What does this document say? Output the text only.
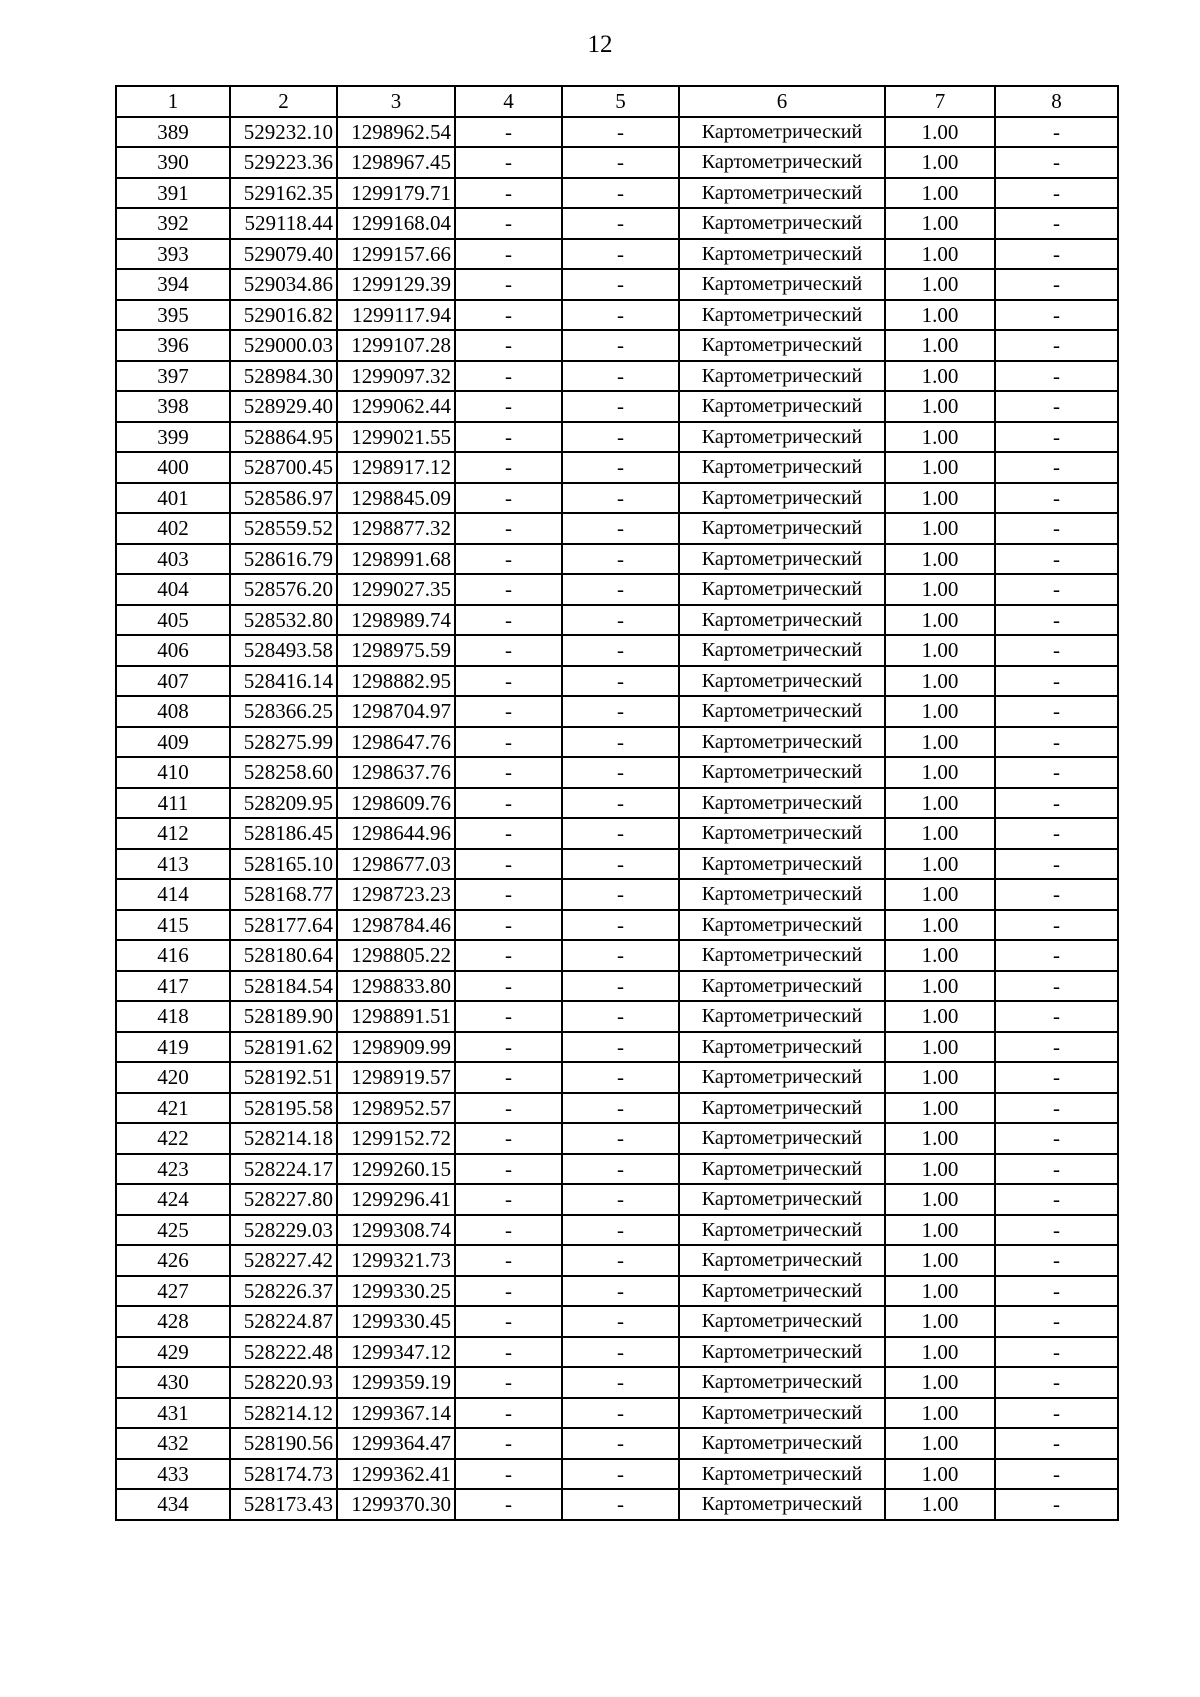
12
1	2	3	4	5	6	7	8
389	529232.10	1298962.54	-	-	Картометрический	1.00	-
390	529223.36	1298967.45	-	-	Картометрический	1.00	-
391	529162.35	1299179.71	-	-	Картометрический	1.00	-
392	529118.44	1299168.04	-	-	Картометрический	1.00	-
393	529079.40	1299157.66	-	-	Картометрический	1.00	-
394	529034.86	1299129.39	-	-	Картометрический	1.00	-
395	529016.82	1299117.94	-	-	Картометрический	1.00	-
396	529000.03	1299107.28	-	-	Картометрический	1.00	-
397	528984.30	1299097.32	-	-	Картометрический	1.00	-
398	528929.40	1299062.44	-	-	Картометрический	1.00	-
399	528864.95	1299021.55	-	-	Картометрический	1.00	-
400	528700.45	1298917.12	-	-	Картометрический	1.00	-
401	528586.97	1298845.09	-	-	Картометрический	1.00	-
402	528559.52	1298877.32	-	-	Картометрический	1.00	-
403	528616.79	1298991.68	-	-	Картометрический	1.00	-
404	528576.20	1299027.35	-	-	Картометрический	1.00	-
405	528532.80	1298989.74	-	-	Картометрический	1.00	-
406	528493.58	1298975.59	-	-	Картометрический	1.00	-
407	528416.14	1298882.95	-	-	Картометрический	1.00	-
408	528366.25	1298704.97	-	-	Картометрический	1.00	-
409	528275.99	1298647.76	-	-	Картометрический	1.00	-
410	528258.60	1298637.76	-	-	Картометрический	1.00	-
411	528209.95	1298609.76	-	-	Картометрический	1.00	-
412	528186.45	1298644.96	-	-	Картометрический	1.00	-
413	528165.10	1298677.03	-	-	Картометрический	1.00	-
414	528168.77	1298723.23	-	-	Картометрический	1.00	-
415	528177.64	1298784.46	-	-	Картометрический	1.00	-
416	528180.64	1298805.22	-	-	Картометрический	1.00	-
417	528184.54	1298833.80	-	-	Картометрический	1.00	-
418	528189.90	1298891.51	-	-	Картометрический	1.00	-
419	528191.62	1298909.99	-	-	Картометрический	1.00	-
420	528192.51	1298919.57	-	-	Картометрический	1.00	-
421	528195.58	1298952.57	-	-	Картометрический	1.00	-
422	528214.18	1299152.72	-	-	Картометрический	1.00	-
423	528224.17	1299260.15	-	-	Картометрический	1.00	-
424	528227.80	1299296.41	-	-	Картометрический	1.00	-
425	528229.03	1299308.74	-	-	Картометрический	1.00	-
426	528227.42	1299321.73	-	-	Картометрический	1.00	-
427	528226.37	1299330.25	-	-	Картометрический	1.00	-
428	528224.87	1299330.45	-	-	Картометрический	1.00	-
429	528222.48	1299347.12	-	-	Картометрический	1.00	-
430	528220.93	1299359.19	-	-	Картометрический	1.00	-
431	528214.12	1299367.14	-	-	Картометрический	1.00	-
432	528190.56	1299364.47	-	-	Картометрический	1.00	-
433	528174.73	1299362.41	-	-	Картометрический	1.00	-
434	528173.43	1299370.30	-	-	Картометрический	1.00	-
